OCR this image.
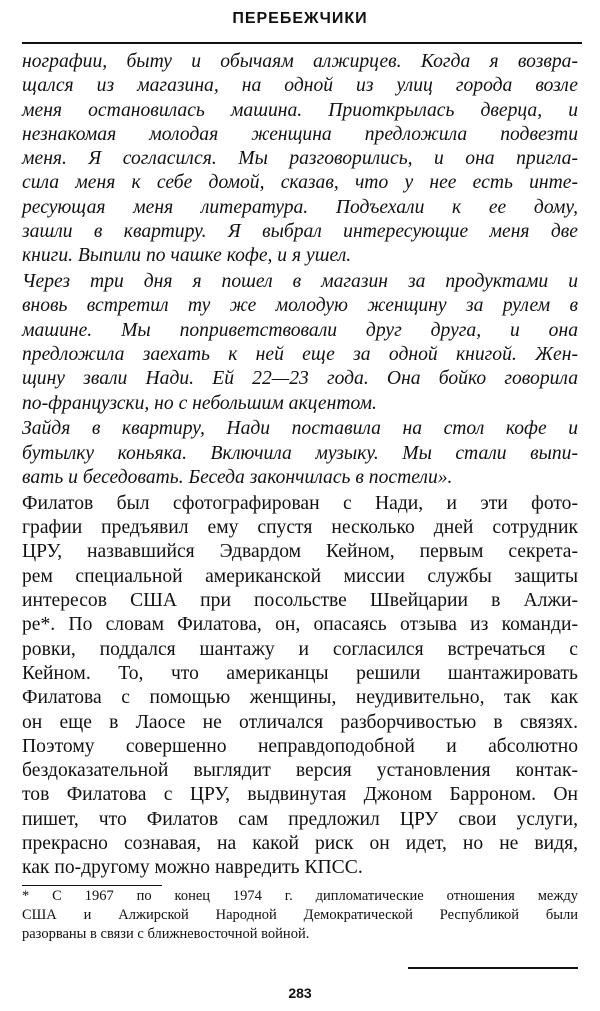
ПЕРЕБЕЖЧИКИ
нографии, быту и обычаям алжирцев. Когда я возвра-
щался из магазина, на одной из улиц города возле
меня остановилась машина. Приоткрылась дверца, и
незнакомая молодая женщина предложила подвезти
меня. Я согласился. Мы разговорились, и она пригла-
сила меня к себе домой, сказав, что у нее есть инте-
ресующая меня литература. Подъехали к ее дому,
зашли в квартиру. Я выбрал интересующие меня две
книги. Выпили по чашке кофе, и я ушел.
Через три дня я пошел в магазин за продуктами и
вновь встретил ту же молодую женщину за рулем в
машине. Мы поприветствовали друг друга, и она
предложила заехать к ней еще за одной книгой. Жен-
щину звали Нади. Ей 22—23 года. Она бойко говорила
по-французски, но с небольшим акцентом.
Зайдя в квартиру, Нади поставила на стол кофе и
бутылку коньяка. Включила музыку. Мы стали выпи-
вать и беседовать. Беседа закончилась в постели».
Филатов был сфотографирован с Нади, и эти фото-
графии предъявил ему спустя несколько дней сотрудник
ЦРУ, назвавшийся Эдвардом Кейном, первым секрета-
рем специальной американской миссии службы защиты
интересов США при посольстве Швейцарии в Алжи-
ре*. По словам Филатова, он, опасаясь отзыва из команди-
ровки, поддался шантажу и согласился встречаться с
Кейном. То, что американцы решили шантажировать
Филатова с помощью женщины, неудивительно, так как
он еще в Лаосе не отличался разборчивостью в связях.
Поэтому совершенно неправдоподобной и абсолютно
бездоказательной выглядит версия установления контак-
тов Филатова с ЦРУ, выдвинутая Джоном Барроном. Он
пишет, что Филатов сам предложил ЦРУ свои услуги,
прекрасно сознавая, на какой риск он идет, но не видя,
как по-другому можно навредить КПСС.
* С 1967 по конец 1974 г. дипломатические отношения между
США и Алжирской Народной Демократической Республикой были
разорваны в связи с ближневосточной войной.
283
